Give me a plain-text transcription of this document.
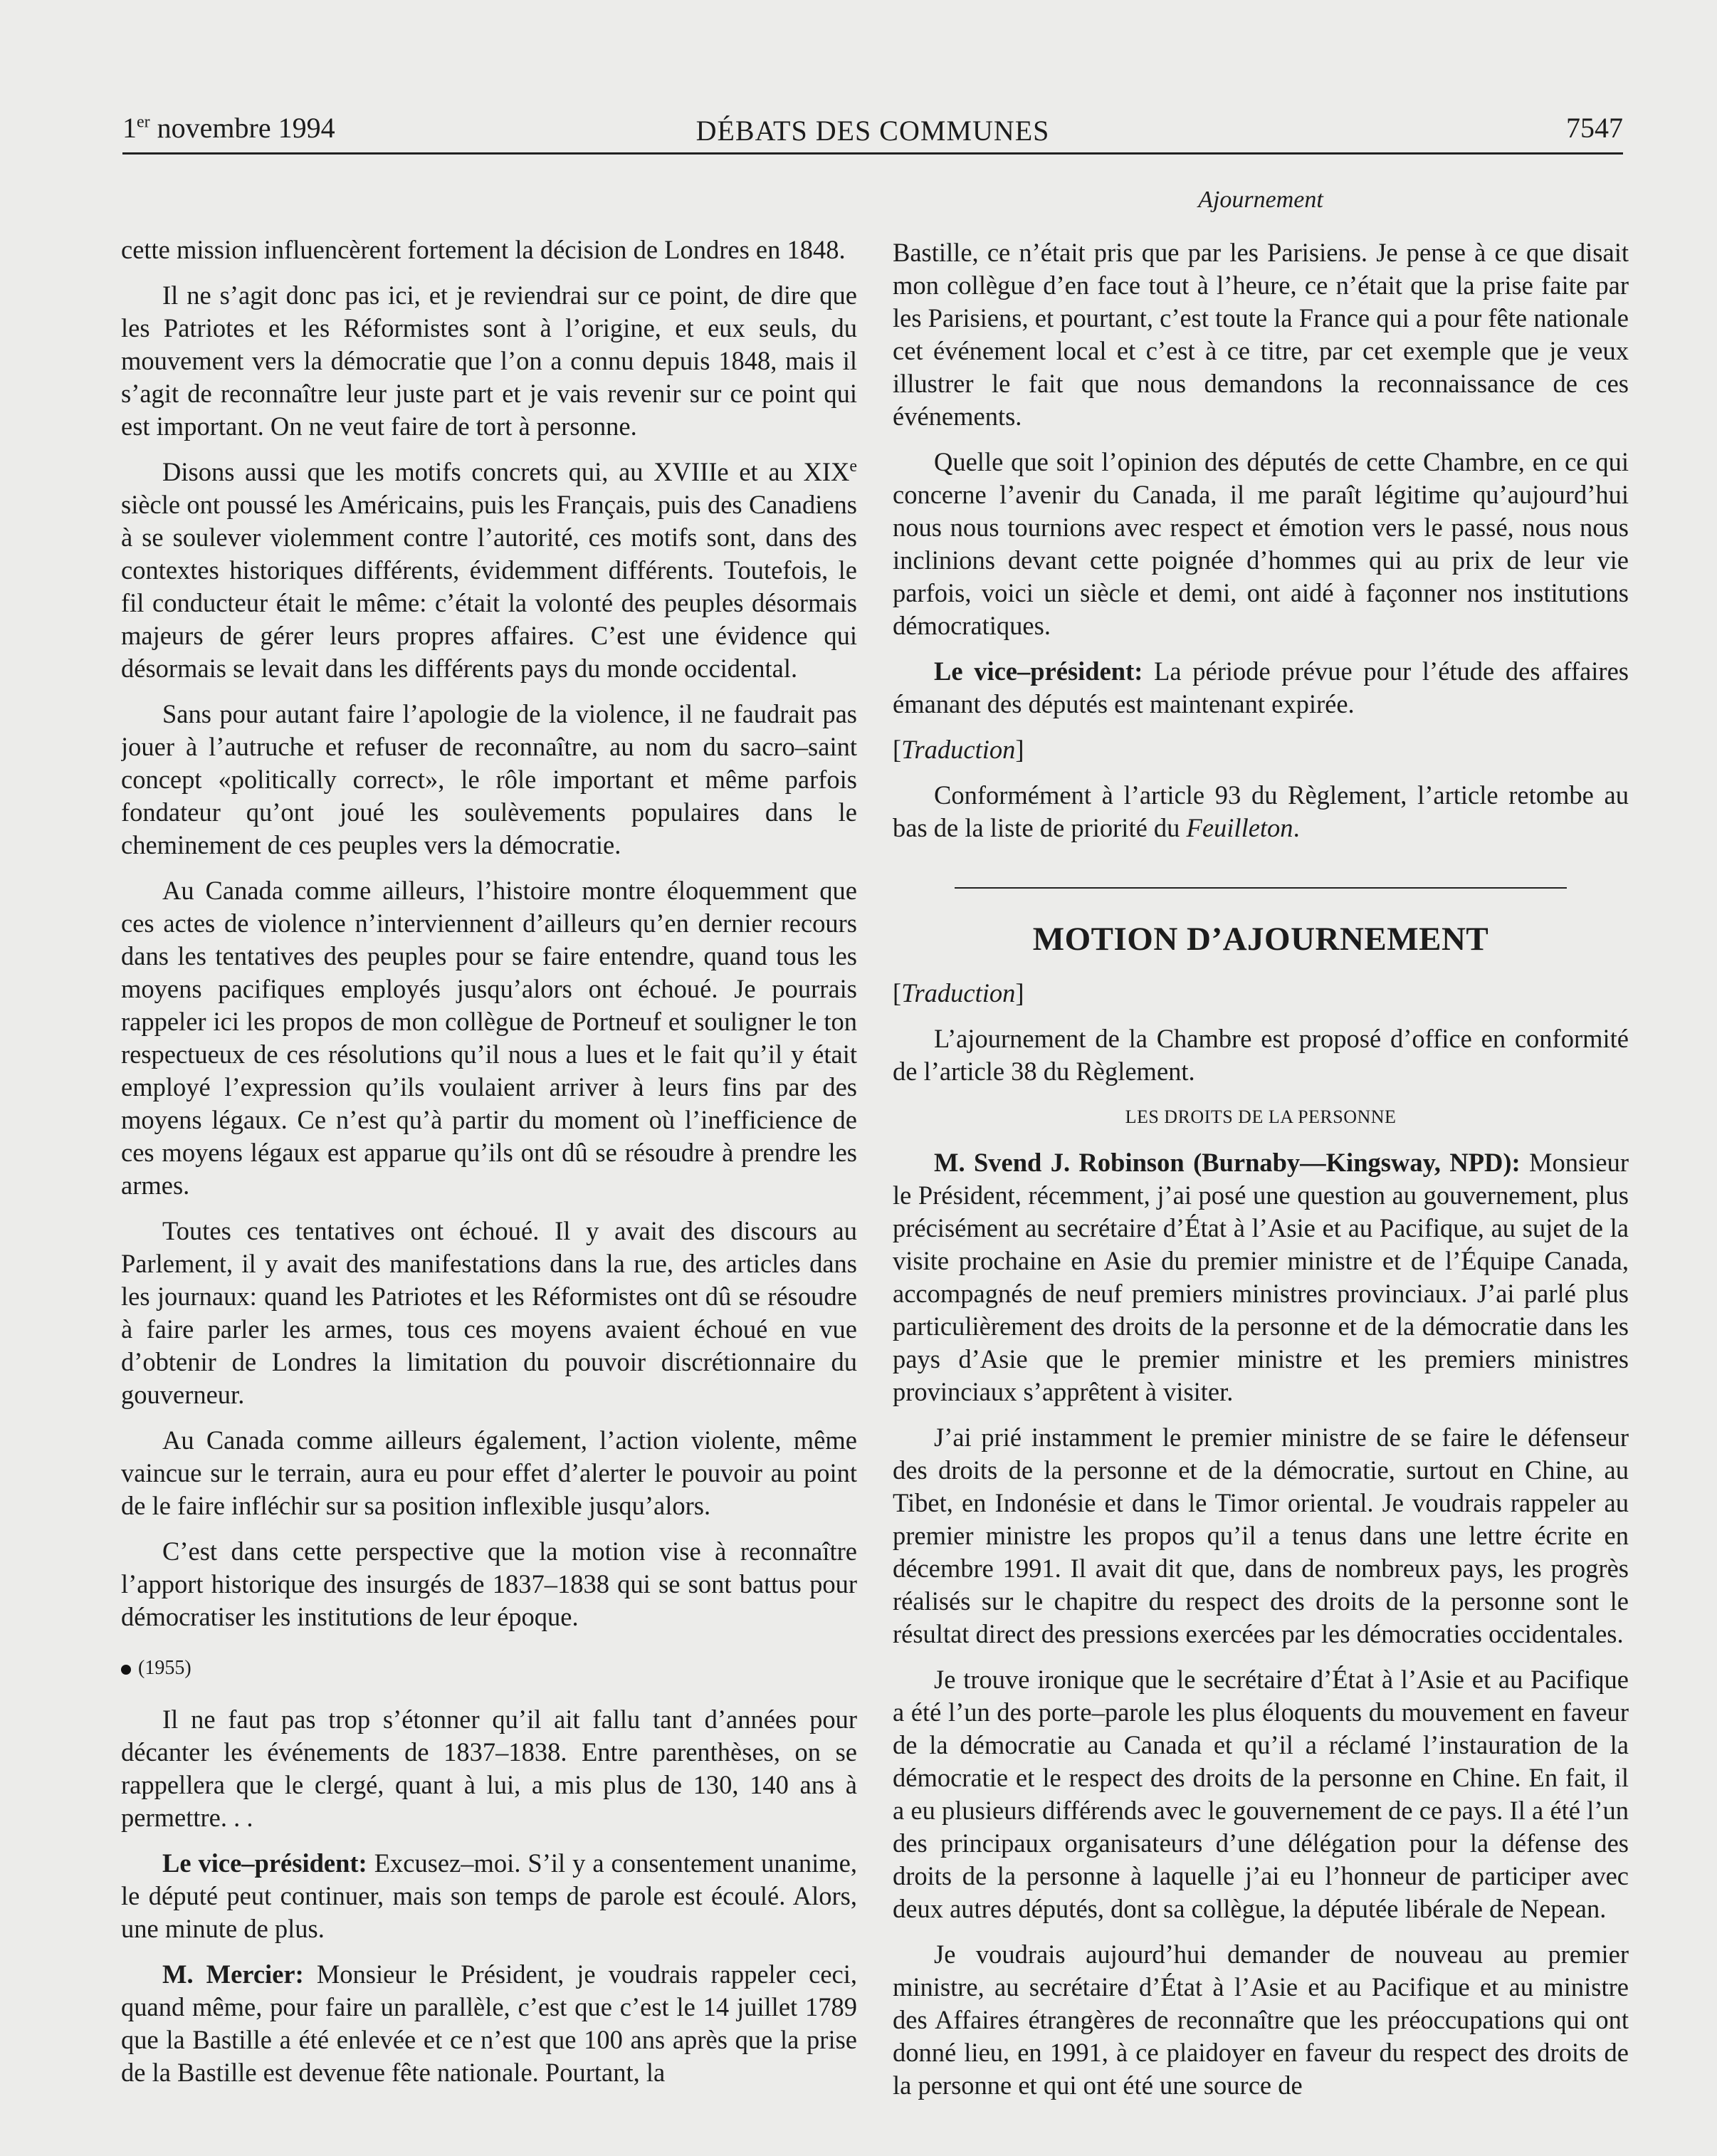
1er novembre 1994	DÉBATS DES COMMUNES	7547
Ajournement

cette mission influencèrent fortement la décision de Londres en 1848.

Il ne s’agit donc pas ici, et je reviendrai sur ce point, de dire que les Patriotes et les Réformistes sont à l’origine, et eux seuls, du mouvement vers la démocratie que l’on a connu depuis 1848, mais il s’agit de reconnaître leur juste part et je vais revenir sur ce point qui est important. On ne veut faire de tort à personne.

Disons aussi que les motifs concrets qui, au XVIIIe et au XIXe siècle ont poussé les Américains, puis les Français, puis des Canadiens à se soulever violemment contre l’autorité, ces motifs sont, dans des contextes historiques différents, évidemment différents. Toutefois, le fil conducteur était le même: c’était la volonté des peuples désormais majeurs de gérer leurs propres affaires. C’est une évidence qui désormais se levait dans les différents pays du monde occidental.

Sans pour autant faire l’apologie de la violence, il ne faudrait pas jouer à l’autruche et refuser de reconnaître, au nom du sacro–saint concept «politically correct», le rôle important et même parfois fondateur qu’ont joué les soulèvements populaires dans le cheminement de ces peuples vers la démocratie.

Au Canada comme ailleurs, l’histoire montre éloquemment que ces actes de violence n’interviennent d’ailleurs qu’en dernier recours dans les tentatives des peuples pour se faire entendre, quand tous les moyens pacifiques employés jusqu’alors ont échoué. Je pourrais rappeler ici les propos de mon collègue de Portneuf et souligner le ton respectueux de ces résolutions qu’il nous a lues et le fait qu’il y était employé l’expression qu’ils voulaient arriver à leurs fins par des moyens légaux. Ce n’est qu’à partir du moment où l’inefficience de ces moyens légaux est apparue qu’ils ont dû se résoudre à prendre les armes.

Toutes ces tentatives ont échoué. Il y avait des discours au Parlement, il y avait des manifestations dans la rue, des articles dans les journaux: quand les Patriotes et les Réformistes ont dû se résoudre à faire parler les armes, tous ces moyens avaient échoué en vue d’obtenir de Londres la limitation du pouvoir discrétionnaire du gouverneur.

Au Canada comme ailleurs également, l’action violente, même vaincue sur le terrain, aura eu pour effet d’alerter le pouvoir au point de le faire infléchir sur sa position inflexible jusqu’alors.

C’est dans cette perspective que la motion vise à reconnaître l’apport historique des insurgés de 1837–1838 qui se sont battus pour démocratiser les institutions de leur époque.

(1955)

Il ne faut pas trop s’étonner qu’il ait fallu tant d’années pour décanter les événements de 1837–1838. Entre parenthèses, on se rappellera que le clergé, quant à lui, a mis plus de 130, 140 ans à permettre. . .

Le vice–président: Excusez–moi. S’il y a consentement unanime, le député peut continuer, mais son temps de parole est écoulé. Alors, une minute de plus.

M. Mercier: Monsieur le Président, je voudrais rappeler ceci, quand même, pour faire un parallèle, c’est que c’est le 14 juillet 1789 que la Bastille a été enlevée et ce n’est que 100 ans après que la prise de la Bastille est devenue fête nationale. Pourtant, la

Bastille, ce n’était pris que par les Parisiens. Je pense à ce que disait mon collègue d’en face tout à l’heure, ce n’était que la prise faite par les Parisiens, et pourtant, c’est toute la France qui a pour fête nationale cet événement local et c’est à ce titre, par cet exemple que je veux illustrer le fait que nous demandons la reconnaissance de ces événements.

Quelle que soit l’opinion des députés de cette Chambre, en ce qui concerne l’avenir du Canada, il me paraît légitime qu’aujourd’hui nous nous tournions avec respect et émotion vers le passé, nous nous inclinions devant cette poignée d’hommes qui au prix de leur vie parfois, voici un siècle et demi, ont aidé à façonner nos institutions démocratiques.

Le vice–président: La période prévue pour l’étude des affaires émanant des députés est maintenant expirée.

[Traduction]

Conformément à l’article 93 du Règlement, l’article retombe au bas de la liste de priorité du Feuilleton.

MOTION D’AJOURNEMENT

[Traduction]

L’ajournement de la Chambre est proposé d’office en conformité de l’article 38 du Règlement.

LES DROITS DE LA PERSONNE

M. Svend J. Robinson (Burnaby—Kingsway, NPD): Monsieur le Président, récemment, j’ai posé une question au gouvernement, plus précisément au secrétaire d’État à l’Asie et au Pacifique, au sujet de la visite prochaine en Asie du premier ministre et de l’Équipe Canada, accompagnés de neuf premiers ministres provinciaux. J’ai parlé plus particulièrement des droits de la personne et de la démocratie dans les pays d’Asie que le premier ministre et les premiers ministres provinciaux s’apprêtent à visiter.

J’ai prié instamment le premier ministre de se faire le défenseur des droits de la personne et de la démocratie, surtout en Chine, au Tibet, en Indonésie et dans le Timor oriental. Je voudrais rappeler au premier ministre les propos qu’il a tenus dans une lettre écrite en décembre 1991. Il avait dit que, dans de nombreux pays, les progrès réalisés sur le chapitre du respect des droits de la personne sont le résultat direct des pressions exercées par les démocraties occidentales.

Je trouve ironique que le secrétaire d’État à l’Asie et au Pacifique a été l’un des porte–parole les plus éloquents du mouvement en faveur de la démocratie au Canada et qu’il a réclamé l’instauration de la démocratie et le respect des droits de la personne en Chine. En fait, il a eu plusieurs différends avec le gouvernement de ce pays. Il a été l’un des principaux organisateurs d’une délégation pour la défense des droits de la personne à laquelle j’ai eu l’honneur de participer avec deux autres députés, dont sa collègue, la députée libérale de Nepean.

Je voudrais aujourd’hui demander de nouveau au premier ministre, au secrétaire d’État à l’Asie et au Pacifique et au ministre des Affaires étrangères de reconnaître que les préoccupations qui ont donné lieu, en 1991, à ce plaidoyer en faveur du respect des droits de la personne et qui ont été une source de
